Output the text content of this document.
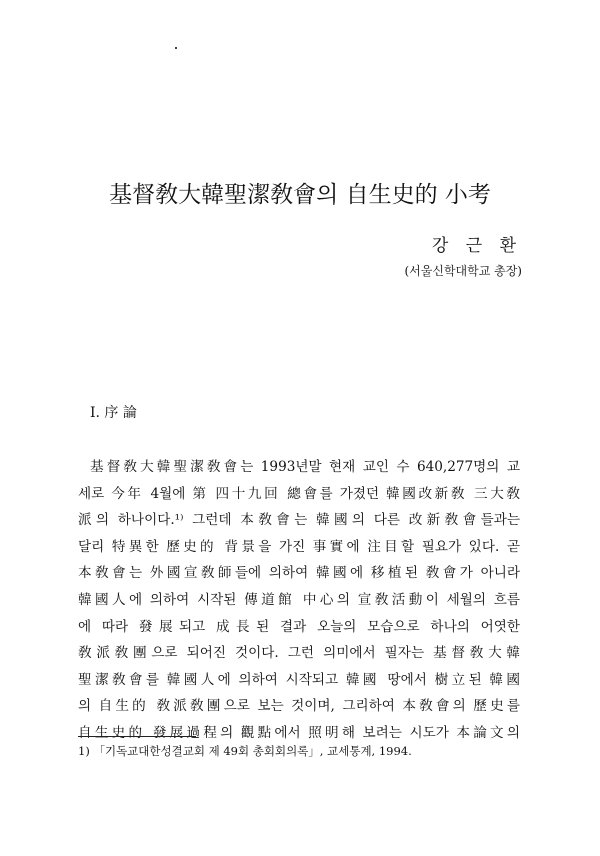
基督敎大韓聖潔敎會의 自生史的 小考
강 근 환
(서울신학대학교 총장)
I. 序 論
基督敎大韓聖潔敎會는 1993년말 현재 교인 수 640,277명의 교
세로 今年 4월에 第 四十九回 總會를 가졌던 韓國改新敎 三大敎
派의 하나이다.¹⁾ 그런데 本敎會는 韓國의 다른 改新敎會들과는
달리 特異한 歷史的 背景을 가진 事實에 注目할 필요가 있다. 곧
本敎會는 外國宣敎師들에 의하여 韓國에 移植된 敎會가 아니라
韓國人에 의하여 시작된 傳道館 中心의 宣敎活動이 세월의 흐름
에 따라 發展되고 成長된 결과 오늘의 모습으로 하나의 어엿한
敎派敎團으로 되어진 것이다. 그런 의미에서 필자는 基督敎大韓
聖潔敎會를 韓國人에 의하여 시작되고 韓國 땅에서 樹立된 韓國
의 自生的 敎派敎團으로 보는 것이며, 그리하여 本敎會의 歷史를
自生史的 發展過程의 觀點에서 照明해 보려는 시도가 本論文의
1) 「기독교대한성결교회 제 49회 총회회의록」, 교세통계, 1994.
